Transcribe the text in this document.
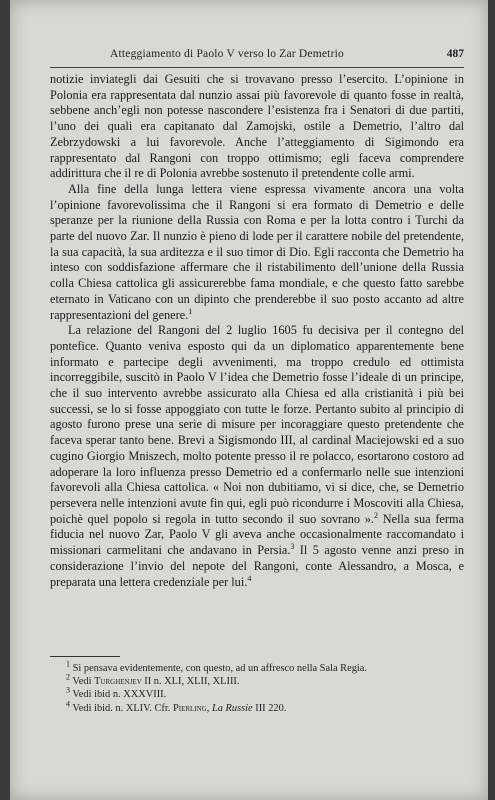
Atteggiamento di Paolo V verso lo Zar Demetrio	487

notizie inviategli dai Gesuiti che si trovavano presso l’esercito. L’opinione in Polonia era rappresentata dal nunzio assai più favorevole di quanto fosse in realtà, sebbene anch’egli non potesse nascondere l’esistenza fra i Senatori di due partiti, l’uno dei quali era capitanato dal Zamojski, ostile a Demetrio, l’altro dal Zebrzydowski a lui favorevole. Anche l’atteggiamento di Sigimondo era rappresentato dal Rangoni con troppo ottimismo; egli faceva comprendere addirittura che il re di Polonia avrebbe sostenuto il pretendente colle armi.

Alla fine della lunga lettera viene espressa vivamente ancora una volta l’opinione favorevolissima che il Rangoni si era formato di Demetrio e delle speranze per la riunione della Russia con Roma e per la lotta contro i Turchi da parte del nuovo Zar. Il nunzio è pieno di lode per il carattere nobile del pretendente, la sua capacità, la sua arditezza e il suo timor di Dio. Egli racconta che Demetrio ha inteso con soddisfazione affermare che il ristabilimento dell’unione della Russia colla Chiesa cattolica gli assicurerebbe fama mondiale, e che questo fatto sarebbe eternato in Vaticano con un dipinto che prenderebbe il suo posto accanto ad altre rappresentazioni del genere.$^1$

La relazione del Rangoni del 2 luglio 1605 fu decisiva per il contegno del pontefice. Quanto veniva esposto qui da un diplomatico apparentemente bene informato e partecipe degli avvenimenti, ma troppo credulo ed ottimista incorreggibile, suscitò in Paolo V l’idea che Demetrio fosse l’ideale di un principe, che il suo intervento avrebbe assicurato alla Chiesa ed alla cristianità i più bei successi, se lo si fosse appoggiato con tutte le forze. Pertanto subito al principio di agosto furono prese una serie di misure per incoraggiare questo pretendente che faceva sperar tanto bene. Brevi a Sigismondo III, al cardinal Maciejowski ed a suo cugino Giorgio Mniszech, molto potente presso il re polacco, esortarono costoro ad adoperare la loro influenza presso Demetrio ed a confermarlo nelle sue intenzioni favorevoli alla Chiesa cattolica. « Noi non dubitiamo, vi si dice, che, se Demetrio persevera nelle intenzioni avute fin qui, egli può ricondurre i Moscoviti alla Chiesa, poichè quel popolo si regola in tutto secondo il suo sovrano ».$^2$ Nella sua ferma fiducia nel nuovo Zar, Paolo V gli aveva anche occasionalmente raccomandato i missionari carmelitani che andavano in Persia.$^3$ Il 5 agosto venne anzi preso in considerazione l’invio del nepote del Rangoni, conte Alessandro, a Mosca, e preparata una lettera credenziale per lui.$^4$

$^1$ Si pensava evidentemente, con questo, ad un affresco nella Sala Regia.
$^2$ Vedi Turghenjev II n. XLI, XLII, XLIII.
$^3$ Vedi ibid n. XXXVIII.
$^4$ Vedi ibid. n. XLIV. Cfr. Pierling, La Russie III 220.
